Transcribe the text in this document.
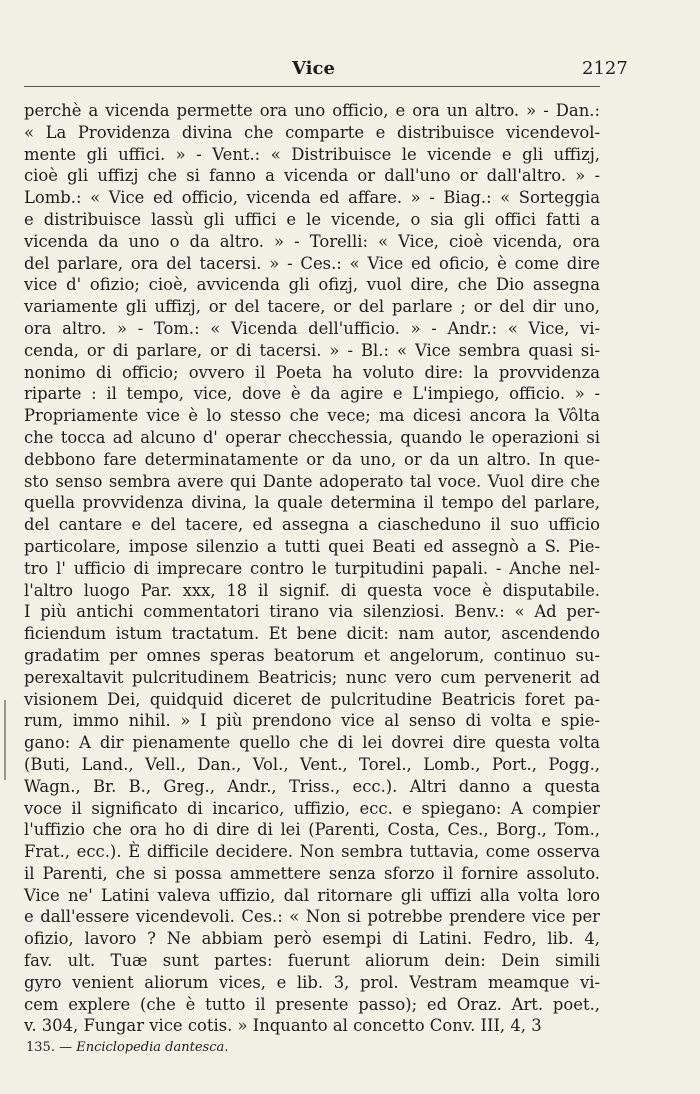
Vice	2127
perchè a vicenda permette ora uno officio, e ora un altro. » - Dan.:
« La Providenza divina che comparte e distribuisce vicendevol-
mente gli uffici. » - Vent.: « Distribuisce le vicende e gli uffizj,
cioè gli uffizj che si fanno a vicenda or dall'uno or dall'altro. » -
Lomb.: « Vice ed officio, vicenda ed affare. » - Biag.: « Sorteggia
e distribuisce lassù gli uffici e le vicende, o sia gli offici fatti a
vicenda da uno o da altro. » - Torelli: « Vice, cioè vicenda, ora
del parlare, ora del tacersi. » - Ces.: « Vice ed oficio, è come dire
vice d' ofizio; cioè, avvicenda gli ofizj, vuol dire, che Dio assegna
variamente gli uffizj, or del tacere, or del parlare ; or del dir uno,
ora altro. » - Tom.: « Vicenda dell'ufficio. » - Andr.: « Vice, vi-
cenda, or di parlare, or di tacersi. » - Bl.: « Vice sembra quasi si-
nonimo di officio; ovvero il Poeta ha voluto dire: la provvidenza
riparte : il tempo, vice, dove è da agire e L'impiego, officio. » -
Propriamente vice è lo stesso che vece; ma dicesi ancora la Vôlta
che tocca ad alcuno d' operar checchessia, quando le operazioni si
debbono fare determinatamente or da uno, or da un altro. In que-
sto senso sembra avere qui Dante adoperato tal voce. Vuol dire che
quella provvidenza divina, la quale determina il tempo del parlare,
del cantare e del tacere, ed assegna a ciascheduno il suo ufficio
particolare, impose silenzio a tutti quei Beati ed assegnò a S. Pie-
tro l' ufficio di imprecare contro le turpitudini papali. - Anche nel-
l'altro luogo Par. xxx, 18 il signif. di questa voce è disputabile.
I più antichi commentatori tirano via silenziosi. Benv.: « Ad per-
ficiendum istum tractatum. Et bene dicit: nam autor, ascendendo
gradatim per omnes speras beatorum et angelorum, continuo su-
perexaltavit pulcritudinem Beatricis; nunc vero cum pervenerit ad
visionem Dei, quidquid diceret de pulcritudine Beatricis foret pa-
rum, immo nihil. » I più prendono vice al senso di volta e spie-
gano: A dir pienamente quello che di lei dovrei dire questa volta
(Buti, Land., Vell., Dan., Vol., Vent., Torel., Lomb., Port., Pogg.,
Wagn., Br. B., Greg., Andr., Triss., ecc.). Altri danno a questa
voce il significato di incarico, uffizio, ecc. e spiegano: A compier
l'uffizio che ora ho di dire di lei (Parenti, Costa, Ces., Borg., Tom.,
Frat., ecc.). È difficile decidere. Non sembra tuttavia, come osserva
il Parenti, che si possa ammettere senza sforzo il fornire assoluto.
Vice ne' Latini valeva uffizio, dal ritornare gli uffizi alla volta loro
e dall'essere vicendevoli. Ces.: « Non si potrebbe prendere vice per
ofizio, lavoro ? Ne abbiam però esempi di Latini. Fedro, lib. 4,
fav. ult. Tuæ sunt partes: fuerunt aliorum dein: Dein simili
gyro venient aliorum vices, e lib. 3, prol. Vestram meamque vi-
cem explere (che è tutto il presente passo); ed Oraz. Art. poet.,
v. 304, Fungar vice cotis. » Inquanto al concetto Conv. III, 4, 3
135. — Enciclopedia dantesca.
